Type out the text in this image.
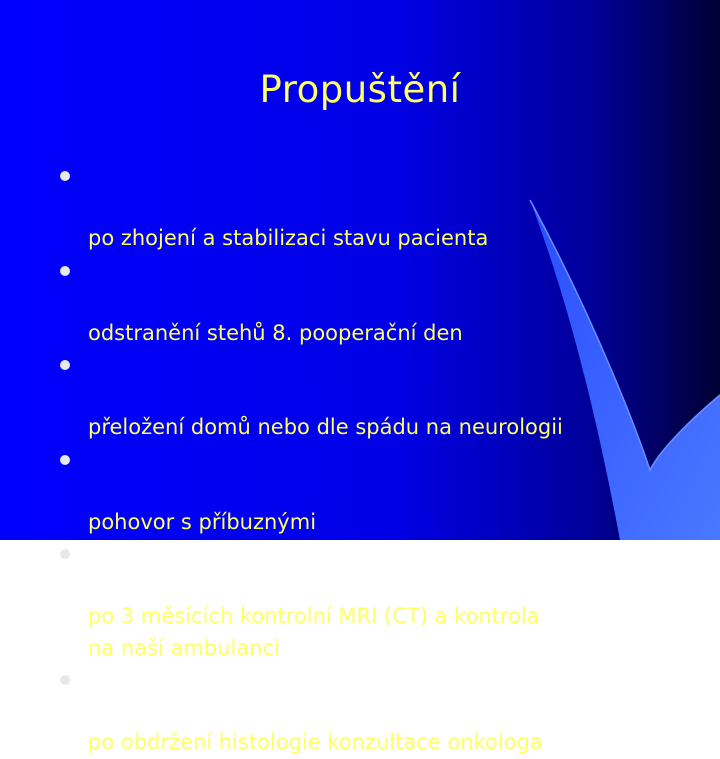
Propuštění

po zhojení a stabilizaci stavu pacienta

odstranění stehů 8. pooperační den

přeložení domů nebo dle spádu na neurologii

pohovor s příbuznými

po 3 měsících kontrolní MRI (CT) a kontrola
na naší ambulanci

po obdržení histologie konzultace onkologa
